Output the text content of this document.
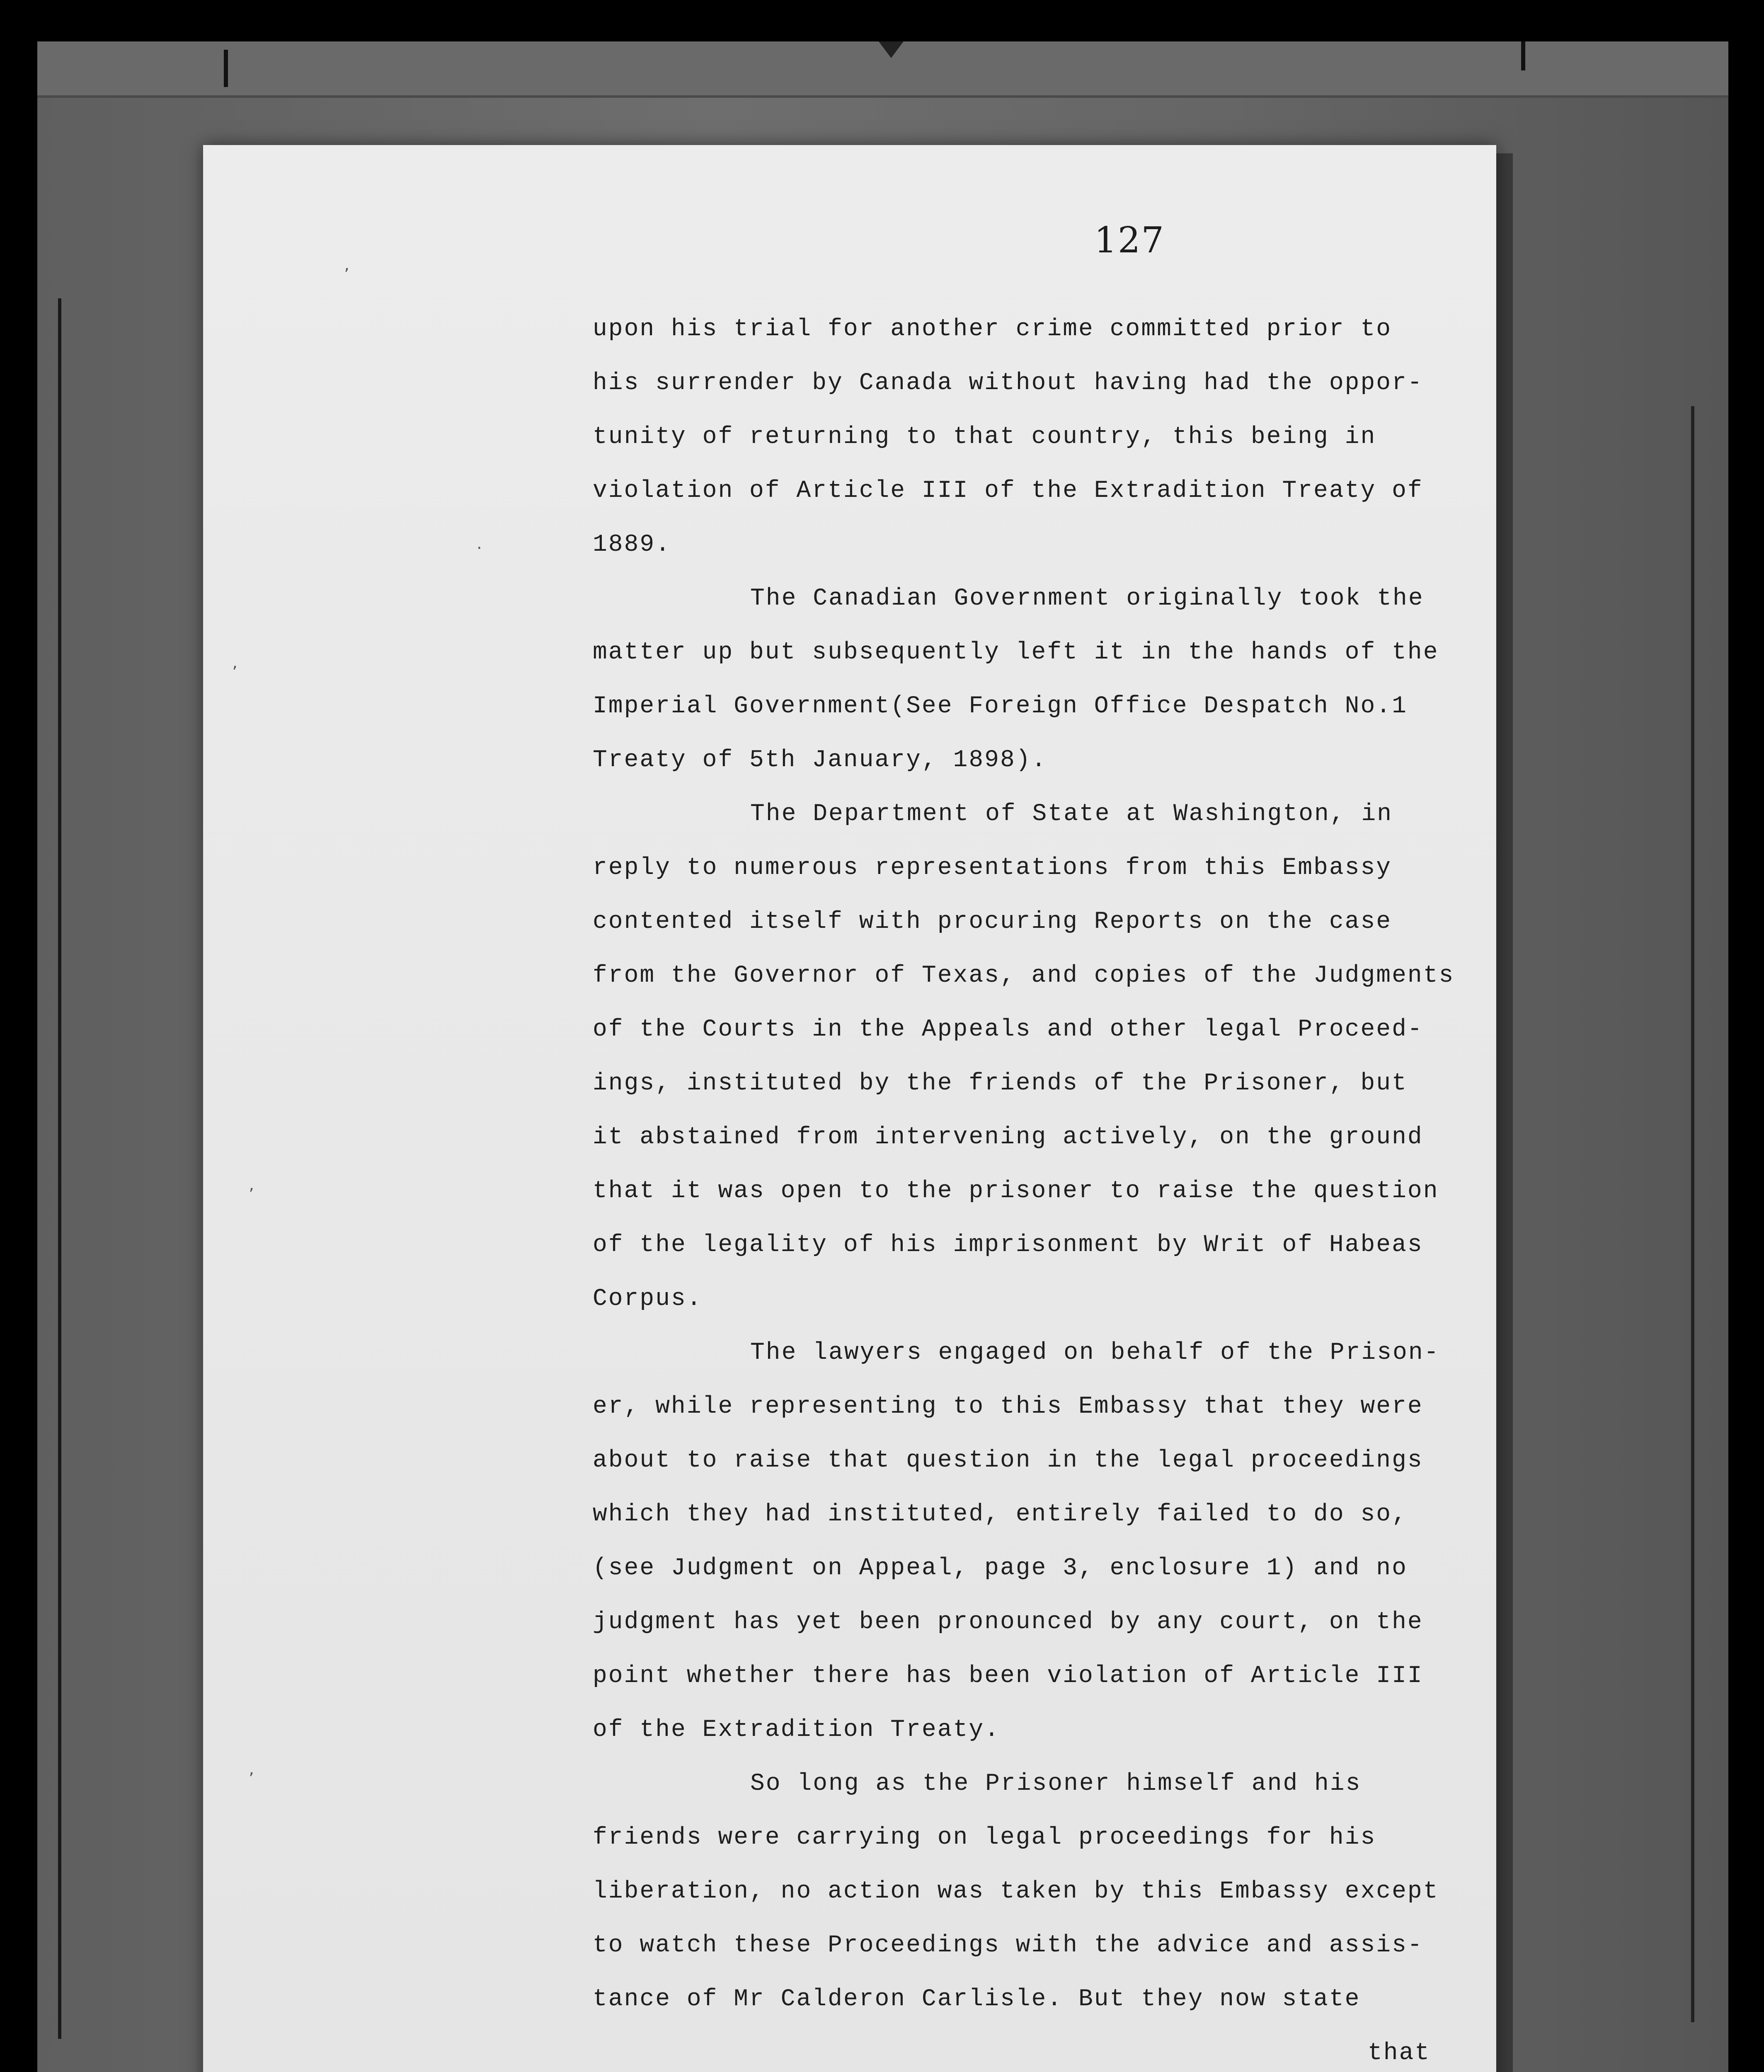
127
’
·
’
’
’
upon his trial for another crime committed prior to
his surrender by Canada without having had the oppor-
tunity of returning to that country, this being in
violation of Article III of the Extradition Treaty of
1889.
The Canadian Government originally took the
matter up but subsequently left it in the hands of the
Imperial Government(See Foreign Office Despatch No.1
Treaty of 5th January, 1898).
The Department of State at Washington, in
reply to numerous representations from this Embassy
contented itself with procuring Reports on the case
from the Governor of Texas, and copies of the Judgments
of the Courts in the Appeals and other legal Proceed-
ings, instituted by the friends of the Prisoner, but
it abstained from intervening actively, on the ground
that it was open to the prisoner to raise the question
of the legality of his imprisonment by Writ of Habeas
Corpus.
The lawyers engaged on behalf of the Prison-
er, while representing to this Embassy that they were
about to raise that question in the legal proceedings
which they had instituted, entirely failed to do so,
(see Judgment on Appeal, page 3, enclosure 1) and no
judgment has yet been pronounced by any court, on the
point whether there has been violation of Article III
of the Extradition Treaty.
So long as the Prisoner himself and his
friends were carrying on legal proceedings for his
liberation, no action was taken by this Embassy except
to watch these Proceedings with the advice and assis-
tance of Mr Calderon Carlisle. But they now state
that
